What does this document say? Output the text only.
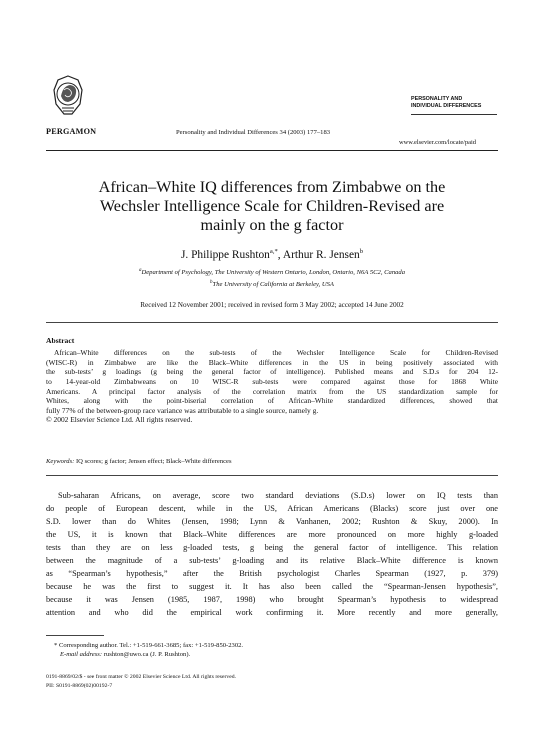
PERGAMON	Personality and Individual Differences 34 (2003) 177–183
PERSONALITY AND
INDIVIDUAL DIFFERENCES
www.elsevier.com/locate/paid
African–White IQ differences from Zimbabwe on the
Wechsler Intelligence Scale for Children-Revised are
mainly on the g factor
J. Philippe Rushton$^{a,*}$, Arthur R. Jensen$^b$
$^a$Department of Psychology, The University of Western Ontario, London, Ontario, N6A 5C2, Canada
$^b$The University of California at Berkeley, USA
Received 12 November 2001; received in revised form 3 May 2002; accepted 14 June 2002
Abstract
African–White differences on the sub-tests of the Wechsler Intelligence Scale for Children-Revised
(WISC-R) in Zimbabwe are like the Black–White differences in the US in being positively associated with
the sub-tests’ g loadings (g being the general factor of intelligence). Published means and S.D.s for 204 12-
to 14-year-old Zimbabweans on 10 WISC-R sub-tests were compared against those for 1868 White
Americans. A principal factor analysis of the correlation matrix from the US standardization sample for
Whites, along with the point-biserial correlation of African–White standardized differences, showed that
fully 77% of the between-group race variance was attributable to a single source, namely g.
© 2002 Elsevier Science Ltd. All rights reserved.
Keywords: IQ scores; g factor; Jensen effect; Black–White differences
Sub-saharan Africans, on average, score two standard deviations (S.D.s) lower on IQ tests than
do people of European descent, while in the US, African Americans (Blacks) score just over one
S.D. lower than do Whites (Jensen, 1998; Lynn & Vanhanen, 2002; Rushton & Skuy, 2000). In
the US, it is known that Black–White differences are more pronounced on more highly g-loaded
tests than they are on less g-loaded tests, g being the general factor of intelligence. This relation
between the magnitude of a sub-tests’ g-loading and its relative Black–White difference is known
as “Spearman’s hypothesis,” after the British psychologist Charles Spearman (1927, p. 379)
because he was the first to suggest it. It has also been called the “Spearman-Jensen hypothesis”,
because it was Jensen (1985, 1987, 1998) who brought Spearman’s hypothesis to widespread
attention and who did the empirical work confirming it. More recently and more generally,
* Corresponding author. Tel.: +1-519-661-3685; fax: +1-519-850-2302.
E-mail address: rushton@uwo.ca (J. P. Rushton).
0191-8869/02/$ - see front matter © 2002 Elsevier Science Ltd. All rights reserved.
PII: S0191-8869(02)00192-7
